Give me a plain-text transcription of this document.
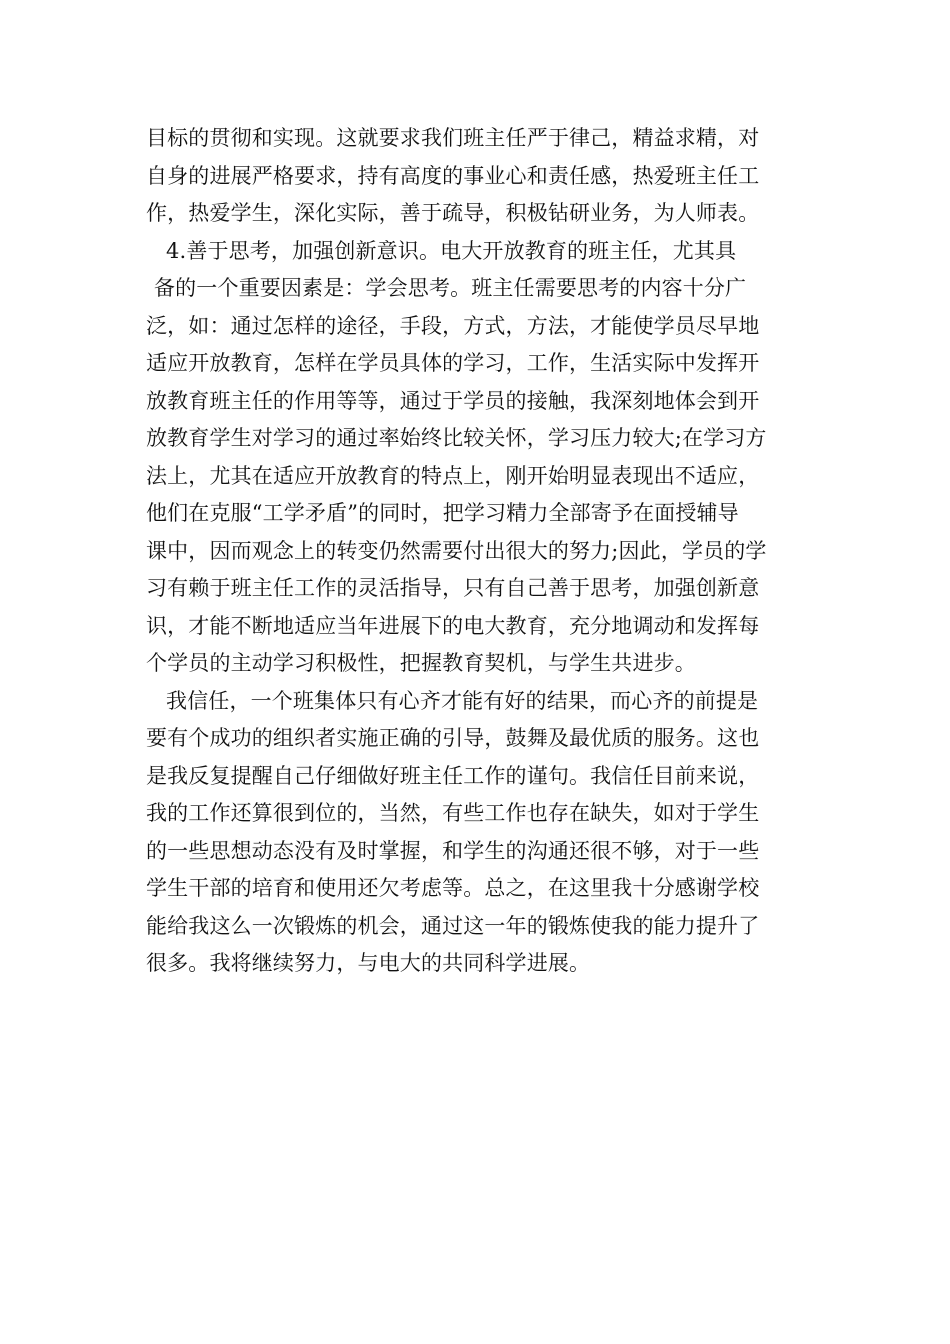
目标的贯彻和实现。这就要求我们班主任严于律己，精益求精，对
自身的进展严格要求，持有高度的事业心和责任感，热爱班主任工
作，热爱学生，深化实际，善于疏导，积极钻研业务，为人师表。
4.善于思考，加强创新意识。电大开放教育的班主任，尤其具
备的一个重要因素是：学会思考。班主任需要思考的内容十分广
泛，如：通过怎样的途径，手段，方式，方法，才能使学员尽早地
适应开放教育，怎样在学员具体的学习，工作，生活实际中发挥开
放教育班主任的作用等等，通过于学员的接触，我深刻地体会到开
放教育学生对学习的通过率始终比较关怀，学习压力较大;在学习方
法上，尤其在适应开放教育的特点上，刚开始明显表现出不适应，
他们在克服“工学矛盾”的同时，把学习精力全部寄予在面授辅导
课中，因而观念上的转变仍然需要付出很大的努力;因此，学员的学
习有赖于班主任工作的灵活指导，只有自己善于思考，加强创新意
识，才能不断地适应当年进展下的电大教育，充分地调动和发挥每
个学员的主动学习积极性，把握教育契机，与学生共进步。
我信任，一个班集体只有心齐才能有好的结果，而心齐的前提是
要有个成功的组织者实施正确的引导，鼓舞及最优质的服务。这也
是我反复提醒自己仔细做好班主任工作的谨句。我信任目前来说，
我的工作还算很到位的，当然，有些工作也存在缺失，如对于学生
的一些思想动态没有及时掌握，和学生的沟通还很不够，对于一些
学生干部的培育和使用还欠考虑等。总之，在这里我十分感谢学校
能给我这么一次锻炼的机会，通过这一年的锻炼使我的能力提升了
很多。我将继续努力，与电大的共同科学进展。
